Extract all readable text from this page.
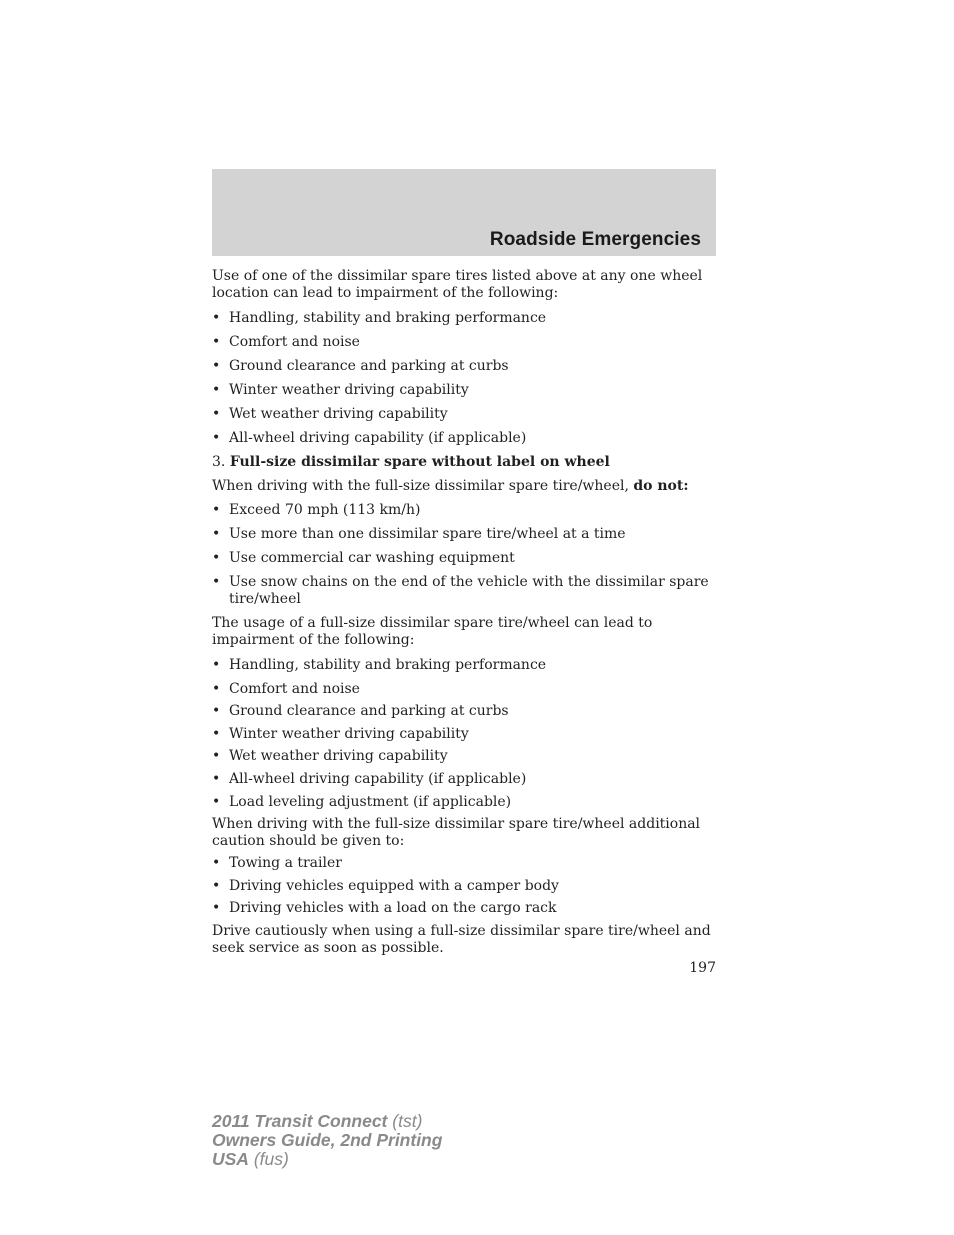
Roadside Emergencies
Use of one of the dissimilar spare tires listed above at any one wheel
location can lead to impairment of the following:
• Handling, stability and braking performance
• Comfort and noise
• Ground clearance and parking at curbs
• Winter weather driving capability
• Wet weather driving capability
• All-wheel driving capability (if applicable)
3. Full-size dissimilar spare without label on wheel
When driving with the full-size dissimilar spare tire/wheel, do not:
• Exceed 70 mph (113 km/h)
• Use more than one dissimilar spare tire/wheel at a time
• Use commercial car washing equipment
• Use snow chains on the end of the vehicle with the dissimilar spare
tire/wheel
The usage of a full-size dissimilar spare tire/wheel can lead to
impairment of the following:
• Handling, stability and braking performance
• Comfort and noise
• Ground clearance and parking at curbs
• Winter weather driving capability
• Wet weather driving capability
• All-wheel driving capability (if applicable)
• Load leveling adjustment (if applicable)
When driving with the full-size dissimilar spare tire/wheel additional
caution should be given to:
• Towing a trailer
• Driving vehicles equipped with a camper body
• Driving vehicles with a load on the cargo rack
Drive cautiously when using a full-size dissimilar spare tire/wheel and
seek service as soon as possible.
197
2011 Transit Connect (tst)
Owners Guide, 2nd Printing
USA (fus)
